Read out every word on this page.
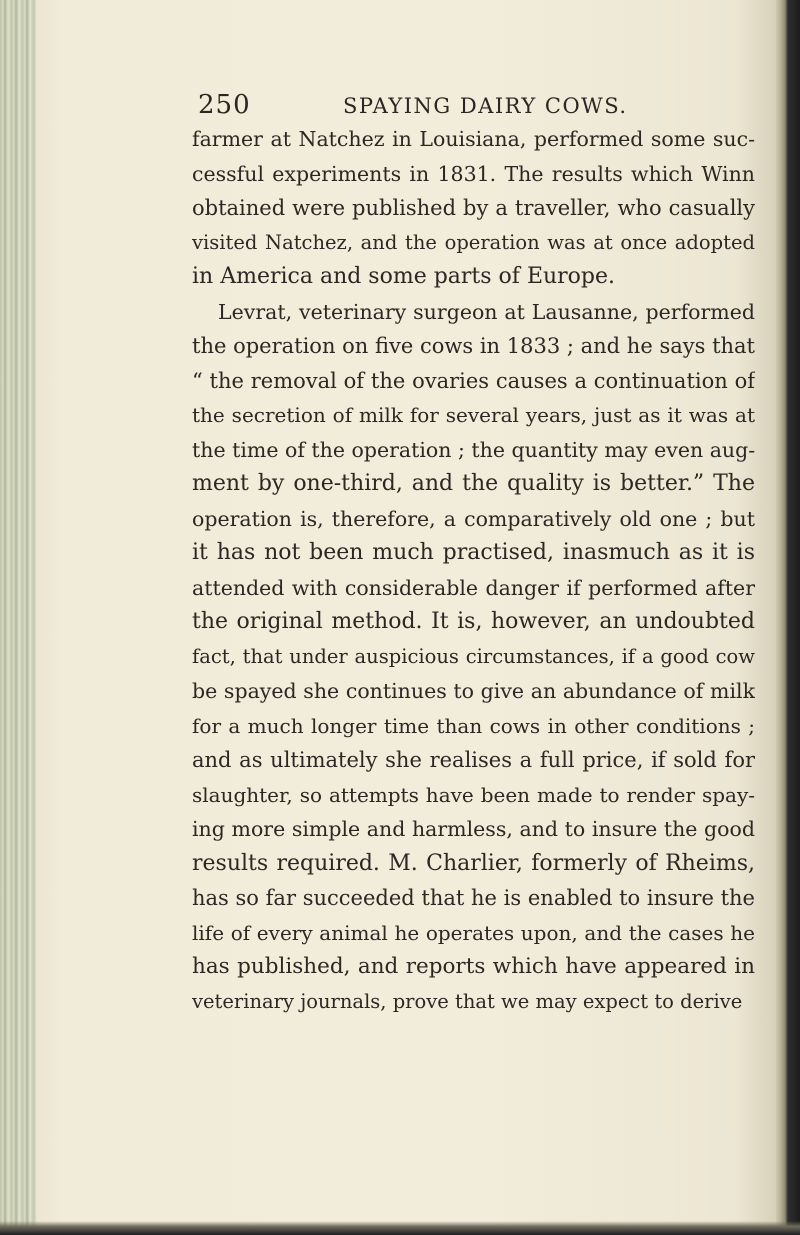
250	SPAYING DAIRY COWS.
farmer at Natchez in Louisiana, performed some suc-
cessful experiments in 1831. The results which Winn
obtained were published by a traveller, who casually
visited Natchez, and the operation was at once adopted
in America and some parts of Europe.
Levrat, veterinary surgeon at Lausanne, performed
the operation on five cows in 1833 ; and he says that
“ the removal of the ovaries causes a continuation of
the secretion of milk for several years, just as it was at
the time of the operation ; the quantity may even aug-
ment by one-third, and the quality is better.” The
operation is, therefore, a comparatively old one ; but
it has not been much practised, inasmuch as it is
attended with considerable danger if performed after
the original method. It is, however, an undoubted
fact, that under auspicious circumstances, if a good cow
be spayed she continues to give an abundance of milk
for a much longer time than cows in other conditions ;
and as ultimately she realises a full price, if sold for
slaughter, so attempts have been made to render spay-
ing more simple and harmless, and to insure the good
results required. M. Charlier, formerly of Rheims,
has so far succeeded that he is enabled to insure the
life of every animal he operates upon, and the cases he
has published, and reports which have appeared in
veterinary journals, prove that we may expect to derive
